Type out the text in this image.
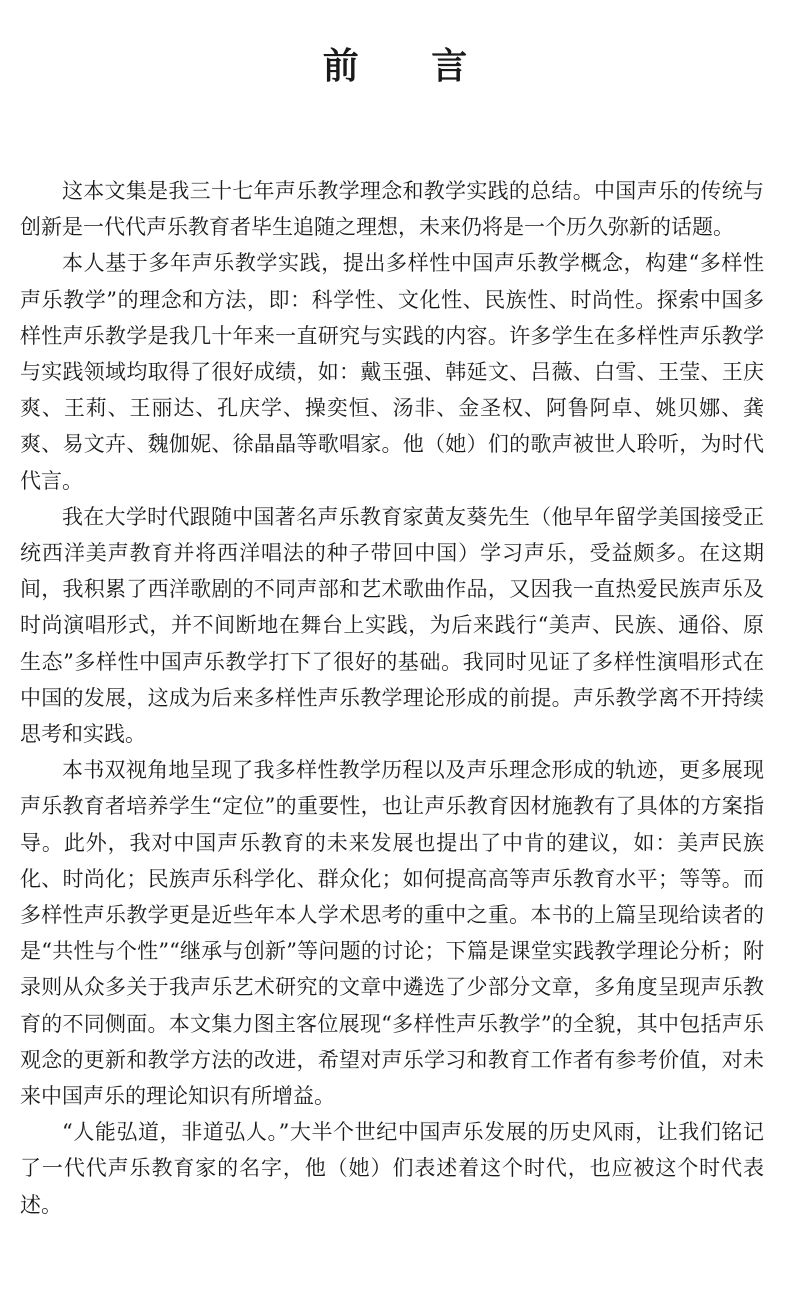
前 言

这本文集是我三十七年声乐教学理念和教学实践的总结。中国声乐的传统与创新是一代代声乐教育者毕生追随之理想，未来仍将是一个历久弥新的话题。

本人基于多年声乐教学实践，提出多样性中国声乐教学概念，构建“多样性声乐教学”的理念和方法，即：科学性、文化性、民族性、时尚性。探索中国多样性声乐教学是我几十年来一直研究与实践的内容。许多学生在多样性声乐教学与实践领域均取得了很好成绩，如：戴玉强、韩延文、吕薇、白雪、王莹、王庆爽、王莉、王丽达、孔庆学、操奕恒、汤非、金圣权、阿鲁阿卓、姚贝娜、龚爽、易文卉、魏伽妮、徐晶晶等歌唱家。他（她）们的歌声被世人聆听，为时代代言。

我在大学时代跟随中国著名声乐教育家黄友葵先生（他早年留学美国接受正统西洋美声教育并将西洋唱法的种子带回中国）学习声乐，受益颇多。在这期间，我积累了西洋歌剧的不同声部和艺术歌曲作品，又因我一直热爱民族声乐及时尚演唱形式，并不间断地在舞台上实践，为后来践行“美声、民族、通俗、原生态”多样性中国声乐教学打下了很好的基础。我同时见证了多样性演唱形式在中国的发展，这成为后来多样性声乐教学理论形成的前提。声乐教学离不开持续思考和实践。

本书双视角地呈现了我多样性教学历程以及声乐理念形成的轨迹，更多展现声乐教育者培养学生“定位”的重要性，也让声乐教育因材施教有了具体的方案指导。此外，我对中国声乐教育的未来发展也提出了中肯的建议，如：美声民族化、时尚化；民族声乐科学化、群众化；如何提高高等声乐教育水平；等等。而多样性声乐教学更是近些年本人学术思考的重中之重。本书的上篇呈现给读者的是“共性与个性”“继承与创新”等问题的讨论；下篇是课堂实践教学理论分析；附录则从众多关于我声乐艺术研究的文章中遴选了少部分文章，多角度呈现声乐教育的不同侧面。本文集力图主客位展现“多样性声乐教学”的全貌，其中包括声乐观念的更新和教学方法的改进，希望对声乐学习和教育工作者有参考价值，对未来中国声乐的理论知识有所增益。

“人能弘道，非道弘人。”大半个世纪中国声乐发展的历史风雨，让我们铭记了一代代声乐教育家的名字，他（她）们表述着这个时代，也应被这个时代表述。
